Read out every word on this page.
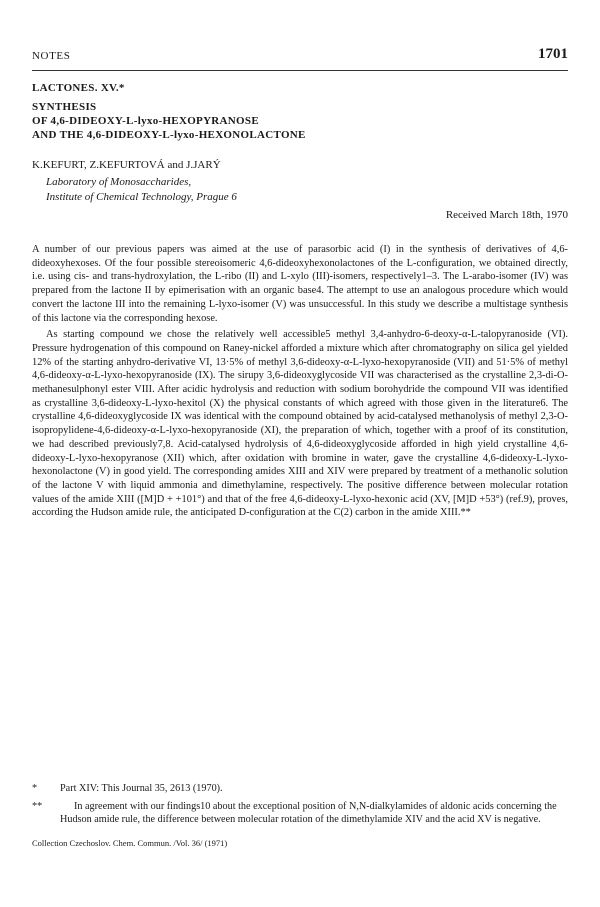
NOTES	1701
LACTONES. XV.*
SYNTHESIS
OF 4,6-DIDEOXY-L-lyxo-HEXOPYRANOSE
AND THE 4,6-DIDEOXY-L-lyxo-HEXONOLACTONE
K.KEFURT, Z.KEFURTOVÁ and J.JARÝ
Laboratory of Monosaccharides,
Institute of Chemical Technology, Prague 6
Received March 18th, 1970

A number of our previous papers was aimed at the use of parasorbic acid (I) in the synthesis of derivatives of 4,6-dideoxyhexoses. Of the four possible stereoisomeric 4,6-dideoxyhexonolactones of the L-configuration, we obtained directly, i.e. using cis- and trans-hydroxylation, the L-ribo (II) and L-xylo (III)-isomers, respectively1–3. The L-arabo-isomer (IV) was prepared from the lactone II by epimerisation with an organic base4. The attempt to use an analogous procedure which would convert the lactone III into the remaining L-lyxo-isomer (V) was unsuccessful. In this study we describe a multistage synthesis of this lactone via the corresponding hexose.

As starting compound we chose the relatively well accessible5 methyl 3,4-anhydro-6-deoxy-α-L-talopyranoside (VI). Pressure hydrogenation of this compound on Raney-nickel afforded a mixture which after chromatography on silica gel yielded 12% of the starting anhydro-derivative VI, 13·5% of methyl 3,6-dideoxy-α-L-lyxo-hexopyranoside (VII) and 51·5% of methyl 4,6-dideoxy-α-L-lyxo-hexopyranoside (IX). The sirupy 3,6-dideoxyglycoside VII was characterised as the crystalline 2,3-di-O-methanesulphonyl ester VIII. After acidic hydrolysis and reduction with sodium borohydride the compound VII was identified as crystalline 3,6-dideoxy-L-lyxo-hexitol (X) the physical constants of which agreed with those given in the literature6. The crystalline 4,6-dideoxyglycoside IX was identical with the compound obtained by acid-catalysed methanolysis of methyl 2,3-O-isopropylidene-4,6-dideoxy-α-L-lyxo-hexopyranoside (XI), the preparation of which, together with a proof of its constitution, we had described previously7,8. Acid-catalysed hydrolysis of 4,6-dideoxyglycoside afforded in high yield crystalline 4,6-dideoxy-L-lyxo-hexopyranose (XII) which, after oxidation with bromine in water, gave the crystalline 4,6-dideoxy-L-lyxo-hexonolactone (V) in good yield. The corresponding amides XIII and XIV were prepared by treatment of a methanolic solution of the lactone V with liquid ammonia and dimethylamine, respectively. The positive difference between molecular rotation values of the amide XIII ([M]D + +101°) and that of the free 4,6-dideoxy-L-lyxo-hexonic acid (XV, [M]D +53°) (ref.9), proves, according the Hudson amide rule, the anticipated D-configuration at the C(2) carbon in the amide XIII.**

*	Part XIV: This Journal 35, 2613 (1970).
**	In agreement with our findings10 about the exceptional position of N,N-dialkylamides of aldonic acids concerning the Hudson amide rule, the difference between molecular rotation of the dimethylamide XIV and the acid XV is negative.
Collection Czechoslov. Chem. Commun. /Vol. 36/ (1971)
